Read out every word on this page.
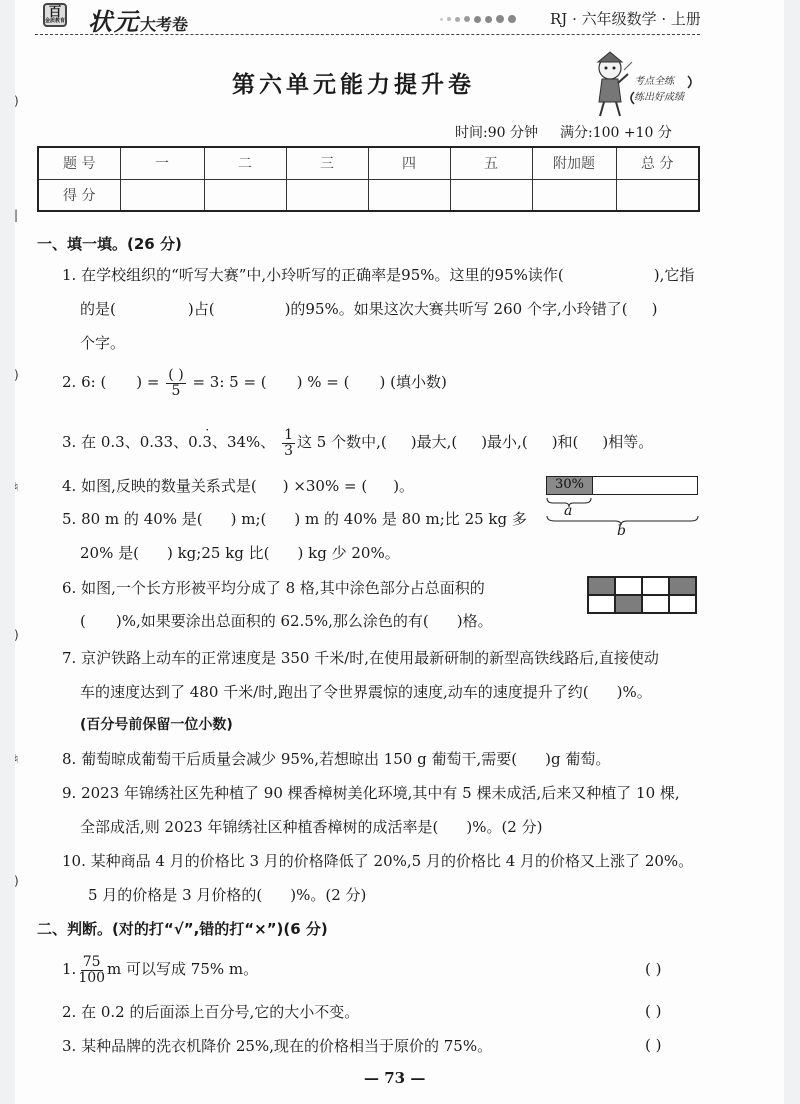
)
|
)
♮
)
♮
)
百
金质教育 状元大考卷	RJ · 六年级数学 · 上册
第六单元能力提升卷	考点全练
练出好成绩
时间:90 分钟 满分:100 +10 分
题 号	一	二	三	四	五	附加题	总 分
得 分							
一、填一填。(26 分)
1. 在学校组织的“听写大赛”中,小玲听写的正确率是95%。这里的95%读作(	),它指
的是(	)占(	)的95%。如果这次大赛共听写 260 个字,小玲错了( )
个字。
2. 6: ( ) = $\frac{( )}{5} = 3$: 5 = ( ) % = ( ) (填小数)
3. 在 0.3、0.33、0.3
·
、34%、 $\frac{1}{3}$ 这 5 个数中,( )最大,( )最小,( )和( )相等。
4. 如图,反映的数量关系式是( ) ×30% = ( )。	30%
a
b
5. 80 m 的 40% 是( ) m;( ) m 的 40% 是 80 m;比 25 kg 多
20% 是( ) kg;25 kg 比( ) kg 少 20%。
6. 如图,一个长方形被平均分成了 8 格,其中涂色部分占总面积的
( )%,如果要涂出总面积的 62.5%,那么涂色的有( )格。
7. 京沪铁路上动车的正常速度是 350 千米/时,在使用最新研制的新型高铁线路后,直接使动
车的速度达到了 480 千米/时,跑出了令世界震惊的速度,动车的速度提升了约( )%。
(百分号前保留一位小数)
8. 葡萄晾成葡萄干后质量会减少 95%,若想晾出 150 g 葡萄干,需要( )g 葡萄。
9. 2023 年锦绣社区先种植了 90 棵香樟树美化环境,其中有 5 棵未成活,后来又种植了 10 棵,
全部成活,则 2023 年锦绣社区种植香樟树的成活率是( )%。(2 分)
10. 某种商品 4 月的价格比 3 月的价格降低了 20%,5 月的价格比 4 月的价格又上涨了 20%。
5 月的价格是 3 月价格的( )%。(2 分)
二、判断。(对的打“√”,错的打“×”)(6 分)
1. $\frac{75}{100}$ m 可以写成 75% m。	( )
2. 在 0.2 的后面添上百分号,它的大小不变。	( )
3. 某种品牌的洗衣机降价 25%,现在的价格相当于原价的 75%。	( )
— 73 —
